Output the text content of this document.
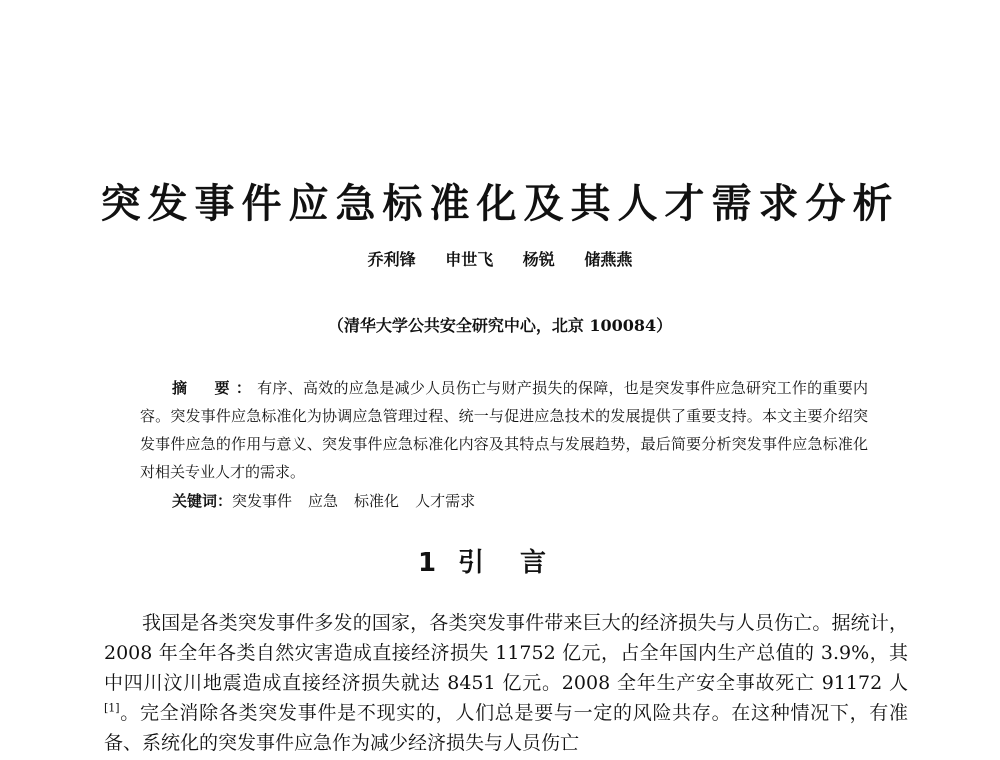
突发事件应急标准化及其人才需求分析
乔利锋 申世飞 杨锐 储燕燕
（清华大学公共安全研究中心，北京 100084）
摘　要：有序、高效的应急是减少人员伤亡与财产损失的保障，也是突发事件应急研究工作的重要内容。突发事件应急标准化为协调应急管理过程、统一与促进应急技术的发展提供了重要支持。本文主要介绍突发事件应急的作用与意义、突发事件应急标准化内容及其特点与发展趋势，最后简要分析突发事件应急标准化对相关专业人才的需求。
关键词：突发事件 应急 标准化 人才需求
1 引言
我国是各类突发事件多发的国家，各类突发事件带来巨大的经济损失与人员伤亡。据统计，2008 年全年各类自然灾害造成直接经济损失 11752 亿元，占全年国内生产总值的 3.9%，其中四川汶川地震造成直接经济损失就达 8451 亿元。2008 全年生产安全事故死亡 91172 人[1]。完全消除各类突发事件是不现实的，人们总是要与一定的风险共存。在这种情况下，有准备、系统化的突发事件应急作为减少经济损失与人员伤亡
